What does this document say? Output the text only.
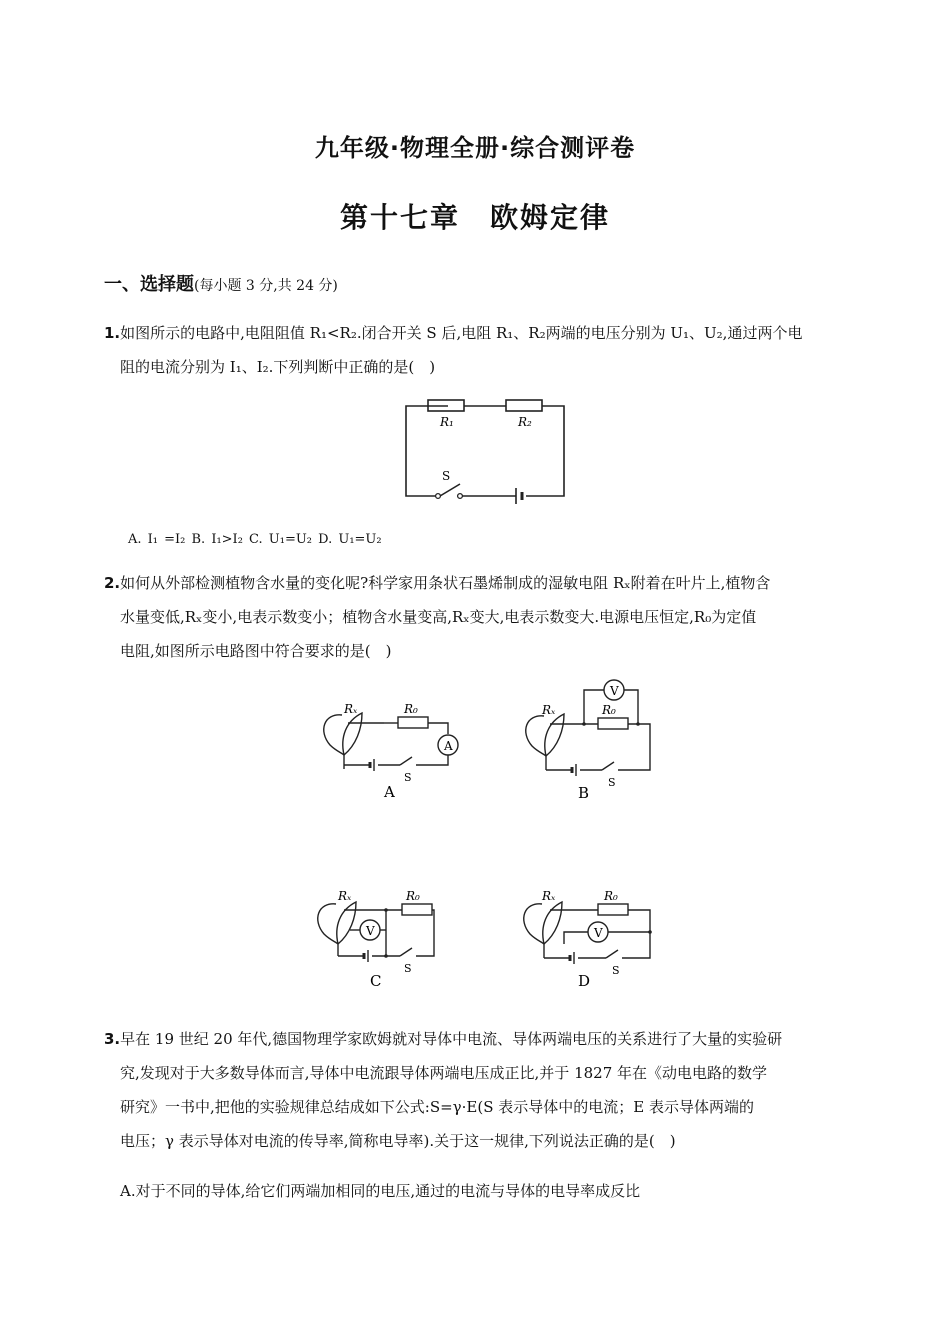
九年级·物理全册·综合测评卷
第十七章　欧姆定律
一、选择题(每小题 3 分,共 24 分)
1.如图所示的电路中,电阻阻值 R₁<R₂.闭合开关 S 后,电阻 R₁、R₂两端的电压分别为 U₁、U₂,通过两个电
阻的电流分别为 I₁、I₂.下列判断中正确的是(　)
R₁	R₂
S
A. I₁ =I₂ B. I₁>I₂ C. U₁=U₂ D. U₁=U₂
2.如何从外部检测植物含水量的变化呢?科学家用条状石墨烯制成的湿敏电阻 Rₓ附着在叶片上,植物含
水量变低,Rₓ变小,电表示数变小；植物含水量变高,Rₓ变大,电表示数变大.电源电压恒定,R₀为定值
电阻,如图所示电路图中符合要求的是(　)
Rₓ	R₀
A
S
A
Rₓ	R₀
V
S
B
Rₓ	R₀
V
S
C
Rₓ	R₀
V
S
D
3.早在 19 世纪 20 年代,德国物理学家欧姆就对导体中电流、导体两端电压的关系进行了大量的实验研
究,发现对于大多数导体而言,导体中电流跟导体两端电压成正比,并于 1827 年在《动电电路的数学
研究》一书中,把他的实验规律总结成如下公式:S=γ·E(S 表示导体中的电流；E 表示导体两端的
电压；γ 表示导体对电流的传导率,简称电导率).关于这一规律,下列说法正确的是(　)
A.对于不同的导体,给它们两端加相同的电压,通过的电流与导体的电导率成反比
